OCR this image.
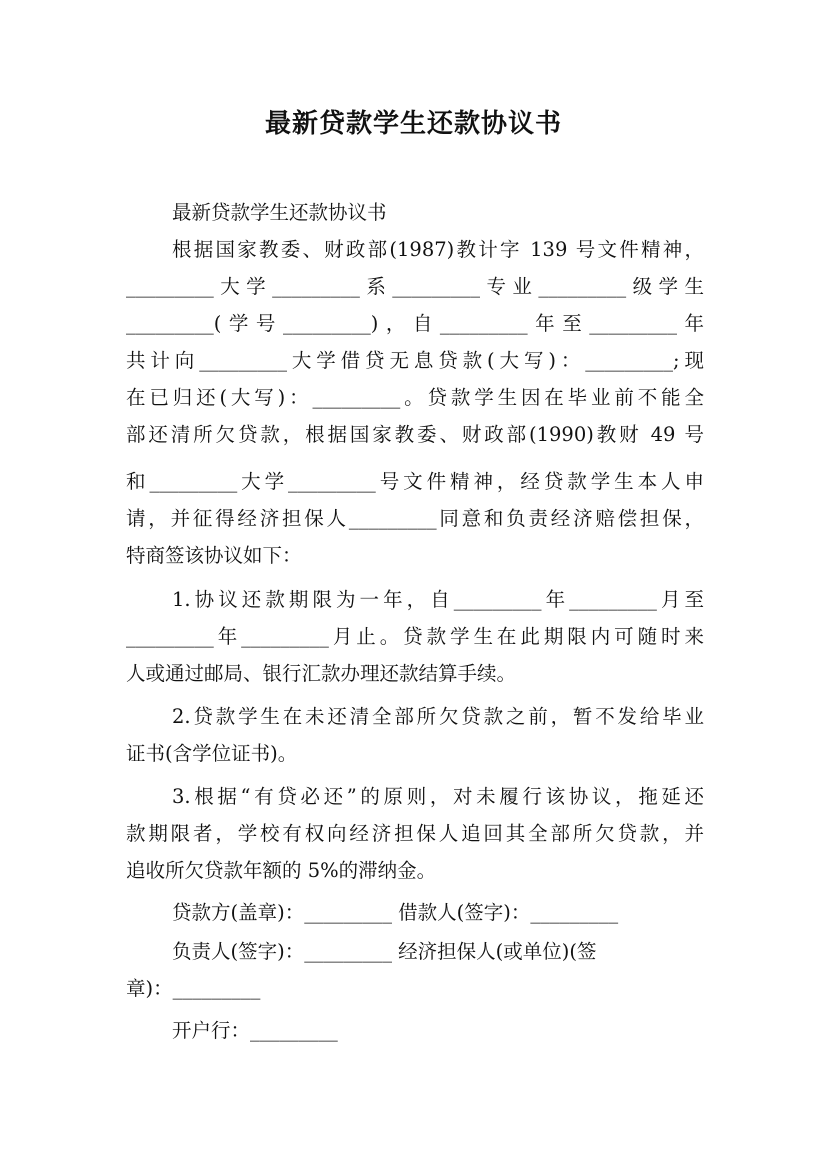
最新贷款学生还款协议书
最新贷款学生还款协议书
根据国家教委、财政部(1987)教计字 139 号文件精神，
_________大学_________系_________专业_________级学生
_________(学号_________)，自_________年至_________年
共计向_________大学借贷无息贷款(大写)：_________;现
在已归还(大写)：_________。贷款学生因在毕业前不能全
部还清所欠贷款，根据国家教委、财政部(1990)教财 49 号
和_________大学_________号文件精神，经贷款学生本人申
请，并征得经济担保人_________同意和负责经济赔偿担保，
特商签该协议如下：
1.协议还款期限为一年，自_________年_________月至
_________年_________月止。贷款学生在此期限内可随时来
人或通过邮局、银行汇款办理还款结算手续。
2.贷款学生在未还清全部所欠贷款之前，暂不发给毕业
证书(含学位证书)。
3.根据“有贷必还”的原则，对未履行该协议，拖延还
款期限者，学校有权向经济担保人追回其全部所欠贷款，并
追收所欠贷款年额的 5%的滞纳金。
贷款方(盖章)：_________ 借款人(签字)：_________
负责人(签字)：_________ 经济担保人(或单位)(签
章)：_________
开户行：_________
